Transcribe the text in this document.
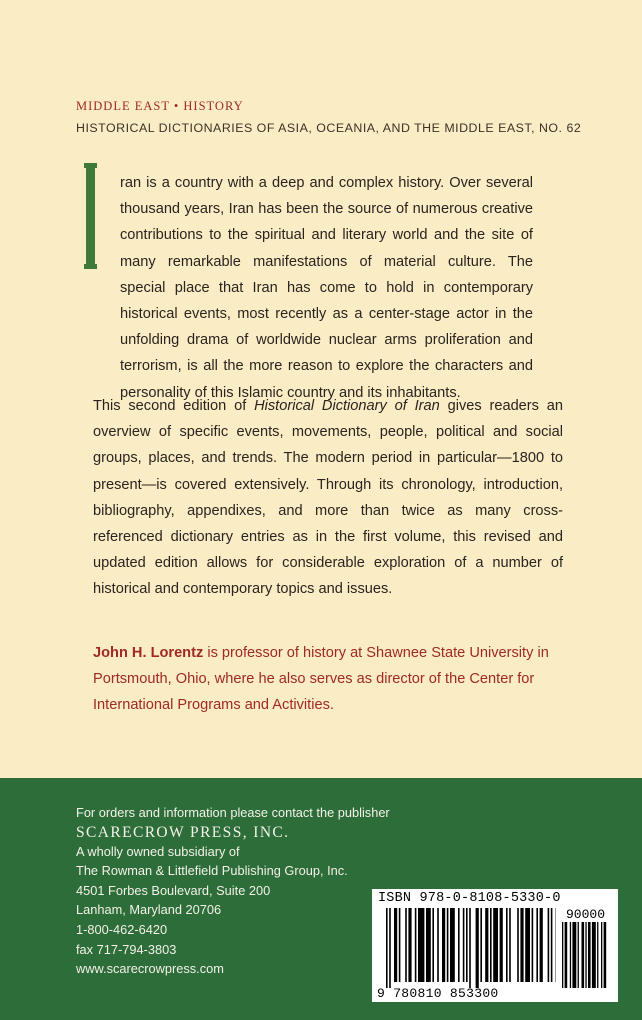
MIDDLE EAST • HISTORY
HISTORICAL DICTIONARIES OF ASIA, OCEANIA, AND THE MIDDLE EAST, NO. 62

ran is a country with a deep and complex history. Over several thousand years, Iran has been the source of numerous creative contributions to the spiritual and literary world and the site of many remarkable manifestations of material culture. The special place that Iran has come to hold in contemporary historical events, most recently as a center-stage actor in the unfolding drama of worldwide nuclear arms proliferation and terrorism, is all the more reason to explore the characters and personality of this Islamic country and its inhabitants.

This second edition of Historical Dictionary of Iran gives readers an overview of specific events, movements, people, political and social groups, places, and trends. The modern period in particular—1800 to present—is covered extensively. Through its chronology, introduction, bibliography, appendixes, and more than twice as many cross-referenced dictionary entries as in the first volume, this revised and updated edition allows for considerable exploration of a number of historical and contemporary topics and issues.

John H. Lorentz is professor of history at Shawnee State University in Portsmouth, Ohio, where he also serves as director of the Center for International Programs and Activities.

For orders and information please contact the publisher
SCARECROW PRESS, INC.
A wholly owned subsidiary of
The Rowman & Littlefield Publishing Group, Inc.
4501 Forbes Boulevard, Suite 200
Lanham, Maryland 20706
1-800-462-6420
fax 717-794-3803
www.scarecrowpress.com
ISBN 978-0-8108-5330-0
90000
9 780810 853300
